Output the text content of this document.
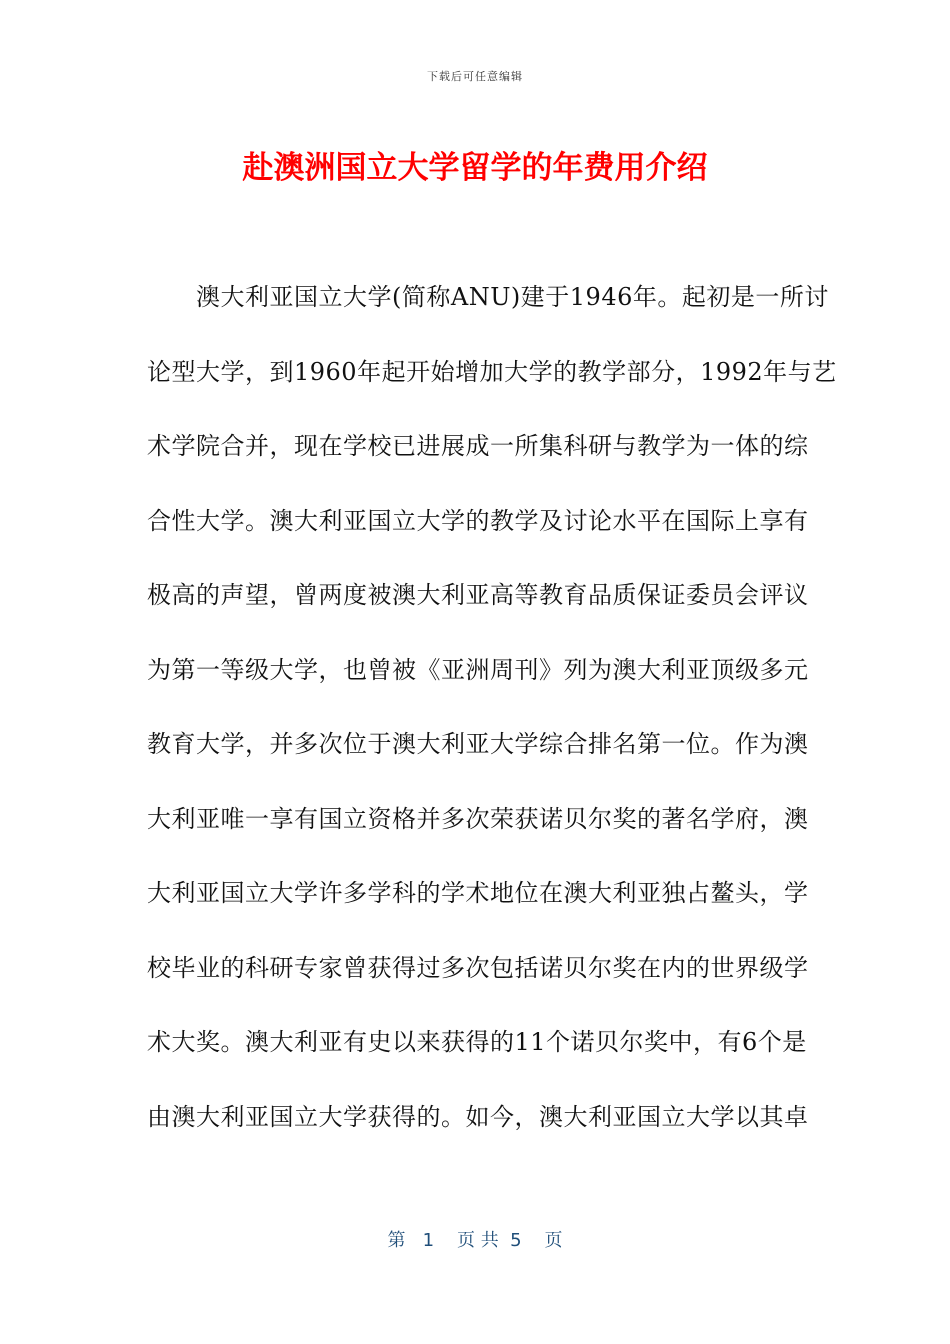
下载后可任意编辑
赴澳洲国立大学留学的年费用介绍
澳大利亚国立大学(简称ANU)建于1946年。起初是一所讨
论型大学，到1960年起开始增加大学的教学部分，1992年与艺
术学院合并，现在学校已进展成一所集科研与教学为一体的综
合性大学。澳大利亚国立大学的教学及讨论水平在国际上享有
极高的声望，曾两度被澳大利亚高等教育品质保证委员会评议
为第一等级大学，也曾被《亚洲周刊》列为澳大利亚顶级多元
教育大学，并多次位于澳大利亚大学综合排名第一位。作为澳
大利亚唯一享有国立资格并多次荣获诺贝尔奖的著名学府，澳
大利亚国立大学许多学科的学术地位在澳大利亚独占鳌头，学
校毕业的科研专家曾获得过多次包括诺贝尔奖在内的世界级学
术大奖。澳大利亚有史以来获得的11个诺贝尔奖中，有6个是
由澳大利亚国立大学获得的。如今，澳大利亚国立大学以其卓
第   1    页 共  5    页
